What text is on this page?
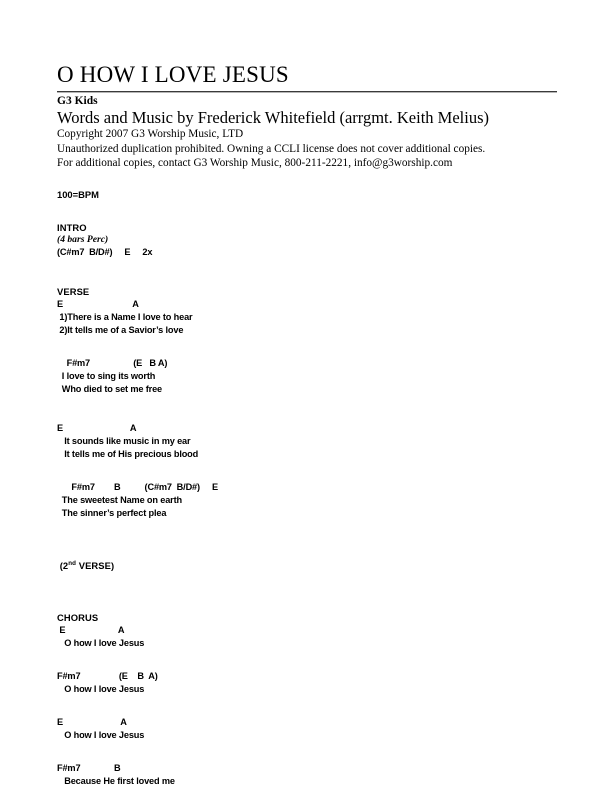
O HOW I LOVE JESUS
G3 Kids
Words and Music by Frederick Whitefield (arrgmt. Keith Melius)
Copyright 2007 G3 Worship Music, LTD
Unauthorized duplication prohibited. Owning a CCLI license does not cover additional copies.
For additional copies, contact G3 Worship Music, 800-211-2221, info@g3worship.com
100=BPM
INTRO
(4 bars Perc)
(C#m7  B/D#)     E     2x
VERSE
E                             A
1)There is a Name I love to hear
2)It tells me of a Savior’s love
F#m7                  (E   B A)
I love to sing its worth
Who died to set me free
E                            A
It sounds like music in my ear
It tells me of His precious blood
F#m7        B          (C#m7  B/D#)     E
The sweetest Name on earth
The sinner’s perfect plea
(2nd VERSE)
CHORUS
E                      A
O how I love Jesus
F#m7                (E    B  A)
O how I love Jesus
E                        A
O how I love Jesus
F#m7              B
Because He first loved me
